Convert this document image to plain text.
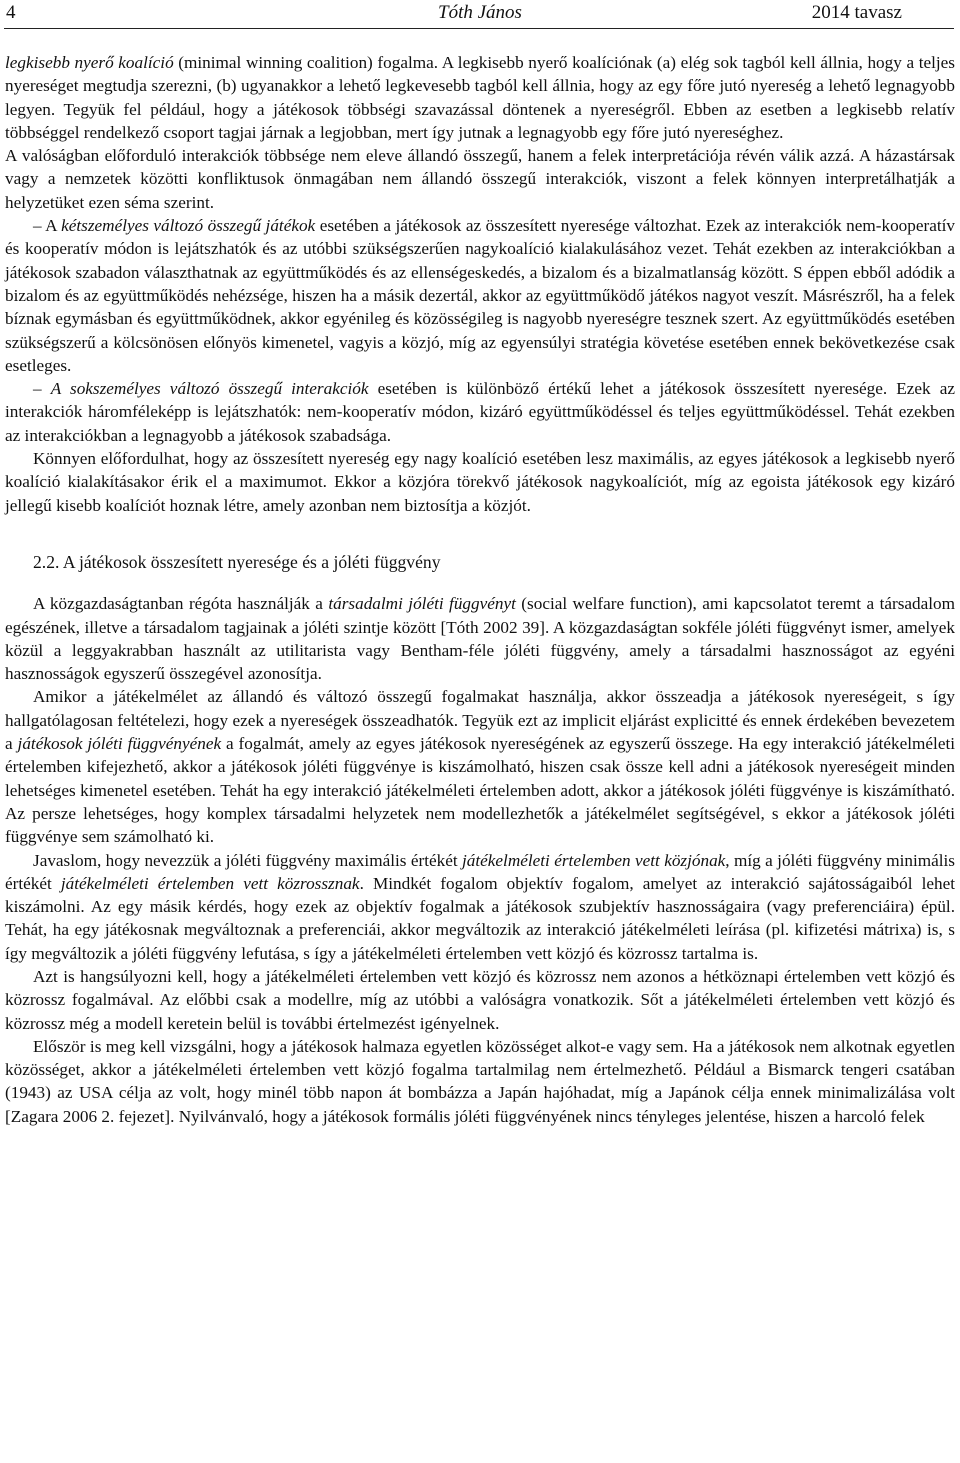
4	Tóth János	2014 tavasz

legkisebb nyerő koalíció (minimal winning coalition) fogalma. A legkisebb nyerő koalíciónak (a) elég sok tagból kell állnia, hogy a teljes nyereséget megtudja szerezni, (b) ugyanakkor a lehető legkevesebb tagból kell állnia, hogy az egy főre jutó nyereség a lehető legnagyobb legyen. Tegyük fel például, hogy a játékosok többségi szavazással döntenek a nyereségről. Ebben az esetben a legkisebb relatív többséggel rendelkező csoport tagjai járnak a legjobban, mert így jutnak a legnagyobb egy főre jutó nyereséghez.

A valóságban előforduló interakciók többsége nem eleve állandó összegű, hanem a felek interpretációja révén válik azzá. A házastársak vagy a nemzetek közötti konfliktusok önmagában nem állandó összegű interakciók, viszont a felek könnyen interpretálhatják a helyzetüket ezen séma szerint.

– A kétszemélyes változó összegű játékok esetében a játékosok az összesített nyeresége változhat. Ezek az interakciók nem-kooperatív és kooperatív módon is lejátszhatók és az utóbbi szükségszerűen nagykoalíció kialakulásához vezet. Tehát ezekben az interakciókban a játékosok szabadon választhatnak az együttműködés és az ellenségeskedés, a bizalom és a bizalmatlanság között. S éppen ebből adódik a bizalom és az együttműködés nehézsége, hiszen ha a másik dezertál, akkor az együttműködő játékos nagyot veszít. Másrészről, ha a felek bíznak egymásban és együttműködnek, akkor egyénileg és közösségileg is nagyobb nyereségre tesznek szert. Az együttműködés esetében szükségszerű a kölcsönösen előnyös kimenetel, vagyis a közjó, míg az egyensúlyi stratégia követése esetében ennek bekövetkezése csak esetleges.

– A sokszemélyes változó összegű interakciók esetében is különböző értékű lehet a játékosok összesített nyeresége. Ezek az interakciók háromféleképp is lejátszhatók: nem-kooperatív módon, kizáró együttműködéssel és teljes együttműködéssel. Tehát ezekben az interakciókban a legnagyobb a játékosok szabadsága.

Könnyen előfordulhat, hogy az összesített nyereség egy nagy koalíció esetében lesz maximális, az egyes játékosok a legkisebb nyerő koalíció kialakításakor érik el a maximumot. Ekkor a közjóra törekvő játékosok nagykoalíciót, míg az egoista játékosok egy kizáró jellegű kisebb koalíciót hoznak létre, amely azonban nem biztosítja a közjót.

2.2. A játékosok összesített nyeresége és a jóléti függvény

A közgazdaságtanban régóta használják a társadalmi jóléti függvényt (social welfare function), ami kapcsolatot teremt a társadalom egészének, illetve a társadalom tagjainak a jóléti szintje között [Tóth 2002 39]. A közgazdaságtan sokféle jóléti függvényt ismer, amelyek közül a leggyakrabban használt az utilitarista vagy Bentham-féle jóléti függvény, amely a társadalmi hasznosságot az egyéni hasznosságok egyszerű összegével azonosítja.

Amikor a játékelmélet az állandó és változó összegű fogalmakat használja, akkor összeadja a játékosok nyereségeit, s így hallgatólagosan feltételezi, hogy ezek a nyereségek összeadhatók. Tegyük ezt az implicit eljárást explicitté és ennek érdekében bevezetem a játékosok jóléti függvényének a fogalmát, amely az egyes játékosok nyereségének az egyszerű összege. Ha egy interakció játékelméleti értelemben kifejezhető, akkor a játékosok jóléti függvénye is kiszámolható, hiszen csak össze kell adni a játékosok nyereségeit minden lehetséges kimenetel esetében. Tehát ha egy interakció játékelméleti értelemben adott, akkor a játékosok jóléti függvénye is kiszámítható. Az persze lehetséges, hogy komplex társadalmi helyzetek nem modellezhetők a játékelmélet segítségével, s ekkor a játékosok jóléti függvénye sem számolható ki.

Javaslom, hogy nevezzük a jóléti függvény maximális értékét játékelméleti értelemben vett közjónak, míg a jóléti függvény minimális értékét játékelméleti értelemben vett közrossznak. Mindkét fogalom objektív fogalom, amelyet az interakció sajátosságaiból lehet kiszámolni. Az egy másik kérdés, hogy ezek az objektív fogalmak a játékosok szubjektív hasznosságaira (vagy preferenciáira) épül. Tehát, ha egy játékosnak megváltoznak a preferenciái, akkor megváltozik az interakció játékelméleti leírása (pl. kifizetési mátrixa) is, s így megváltozik a jóléti függvény lefutása, s így a játékelméleti értelemben vett közjó és közrossz tartalma is.

Azt is hangsúlyozni kell, hogy a játékelméleti értelemben vett közjó és közrossz nem azonos a hétköznapi értelemben vett közjó és közrossz fogalmával. Az előbbi csak a modellre, míg az utóbbi a valóságra vonatkozik. Sőt a játékelméleti értelemben vett közjó és közrossz még a modell keretein belül is további értelmezést igényelnek.

Először is meg kell vizsgálni, hogy a játékosok halmaza egyetlen közösséget alkot-e vagy sem. Ha a játékosok nem alkotnak egyetlen közösséget, akkor a játékelméleti értelemben vett közjó fogalma tartalmilag nem értelmezhető. Például a Bismarck tengeri csatában (1943) az USA célja az volt, hogy minél több napon át bombázza a Japán hajóhadat, míg a Japánok célja ennek minimalizálása volt [Zagara 2006 2. fejezet]. Nyilvánvaló, hogy a játékosok formális jóléti függvényének nincs tényleges jelentése, hiszen a harcoló felek
